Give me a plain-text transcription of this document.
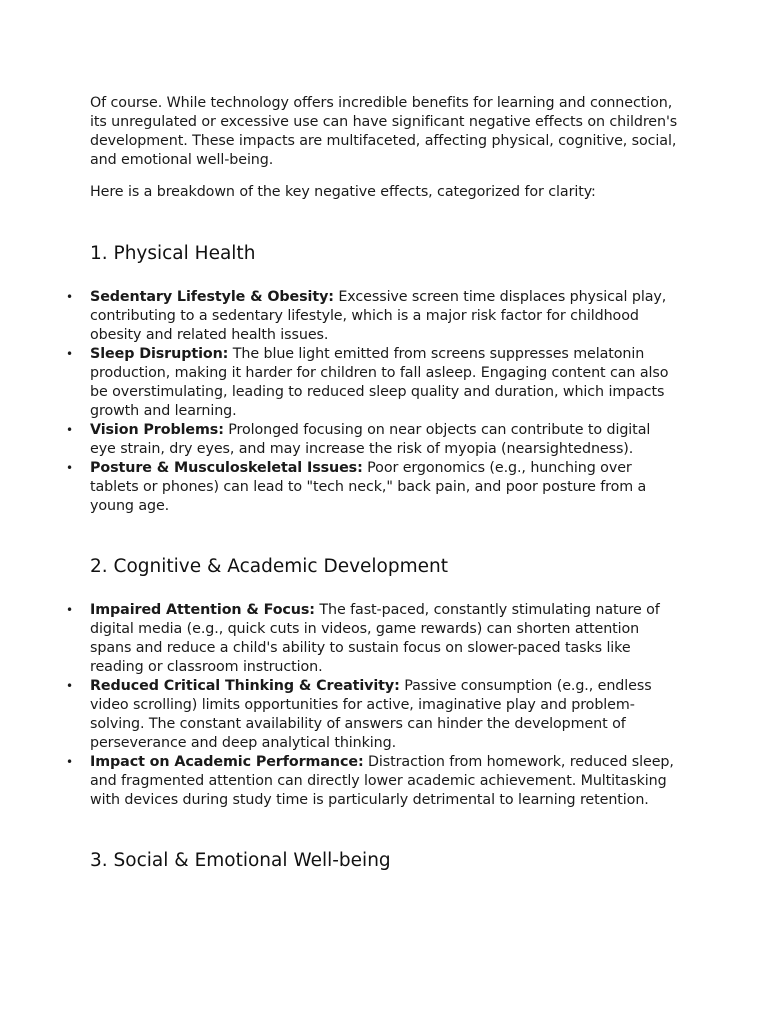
Of course. While technology offers incredible benefits for learning and connection, its unregulated or excessive use can have significant negative effects on children's development. These impacts are multifaceted, affecting physical, cognitive, social, and emotional well-being.

Here is a breakdown of the key negative effects, categorized for clarity:

1. Physical Health
• Sedentary Lifestyle & Obesity: Excessive screen time displaces physical play, contributing to a sedentary lifestyle, which is a major risk factor for childhood obesity and related health issues.
• Sleep Disruption: The blue light emitted from screens suppresses melatonin production, making it harder for children to fall asleep. Engaging content can also be overstimulating, leading to reduced sleep quality and duration, which impacts growth and learning.
• Vision Problems: Prolonged focusing on near objects can contribute to digital eye strain, dry eyes, and may increase the risk of myopia (nearsightedness).
• Posture & Musculoskeletal Issues: Poor ergonomics (e.g., hunching over tablets or phones) can lead to "tech neck," back pain, and poor posture from a young age.
2. Cognitive & Academic Development
• Impaired Attention & Focus: The fast-paced, constantly stimulating nature of digital media (e.g., quick cuts in videos, game rewards) can shorten attention spans and reduce a child's ability to sustain focus on slower-paced tasks like reading or classroom instruction.
• Reduced Critical Thinking & Creativity: Passive consumption (e.g., endless video scrolling) limits opportunities for active, imaginative play and problem-solving. The constant availability of answers can hinder the development of perseverance and deep analytical thinking.
• Impact on Academic Performance: Distraction from homework, reduced sleep, and fragmented attention can directly lower academic achievement. Multitasking with devices during study time is particularly detrimental to learning retention.
3. Social & Emotional Well-being
